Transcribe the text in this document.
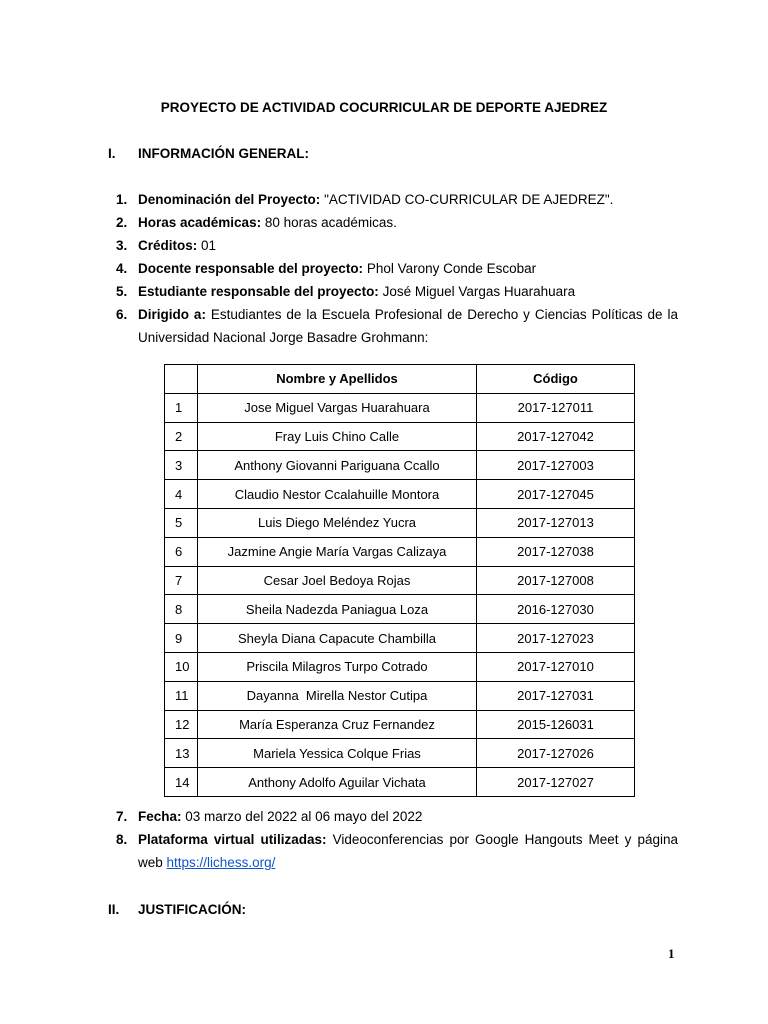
PROYECTO DE ACTIVIDAD COCURRICULAR DE DEPORTE AJEDREZ
I. INFORMACIÓN GENERAL:
1. Denominación del Proyecto: "ACTIVIDAD CO-CURRICULAR DE AJEDREZ".
2. Horas académicas: 80 horas académicas.
3. Créditos: 01
4. Docente responsable del proyecto: Phol Varony Conde Escobar
5. Estudiante responsable del proyecto: José Miguel Vargas Huarahuara
6. Dirigido a: Estudiantes de la Escuela Profesional de Derecho y Ciencias Políticas de la Universidad Nacional Jorge Basadre Grohmann:
	Nombre y Apellidos	Código
1	Jose Miguel Vargas Huarahuara	2017-127011
2	Fray Luis Chino Calle	2017-127042
3	Anthony Giovanni Pariguana Ccallo	2017-127003
4	Claudio Nestor Ccalahuille Montora	2017-127045
5	Luis Diego Meléndez Yucra	2017-127013
6	Jazmine Angie María Vargas Calizaya	2017-127038
7	Cesar Joel Bedoya Rojas	2017-127008
8	Sheila Nadezda Paniagua Loza	2016-127030
9	Sheyla Diana Capacute Chambilla	2017-127023
10	Priscila Milagros Turpo Cotrado	2017-127010
11	Dayanna  Mirella Nestor Cutipa	2017-127031
12	María Esperanza Cruz Fernandez	2015-126031
13	Mariela Yessica Colque Frias	2017-127026
14	Anthony Adolfo Aguilar Vichata	2017-127027
7. Fecha: 03 marzo del 2022 al 06 mayo del 2022
8. Plataforma virtual utilizadas: Videoconferencias por Google Hangouts Meet y página web https://lichess.org/
II. JUSTIFICACIÓN:
1
